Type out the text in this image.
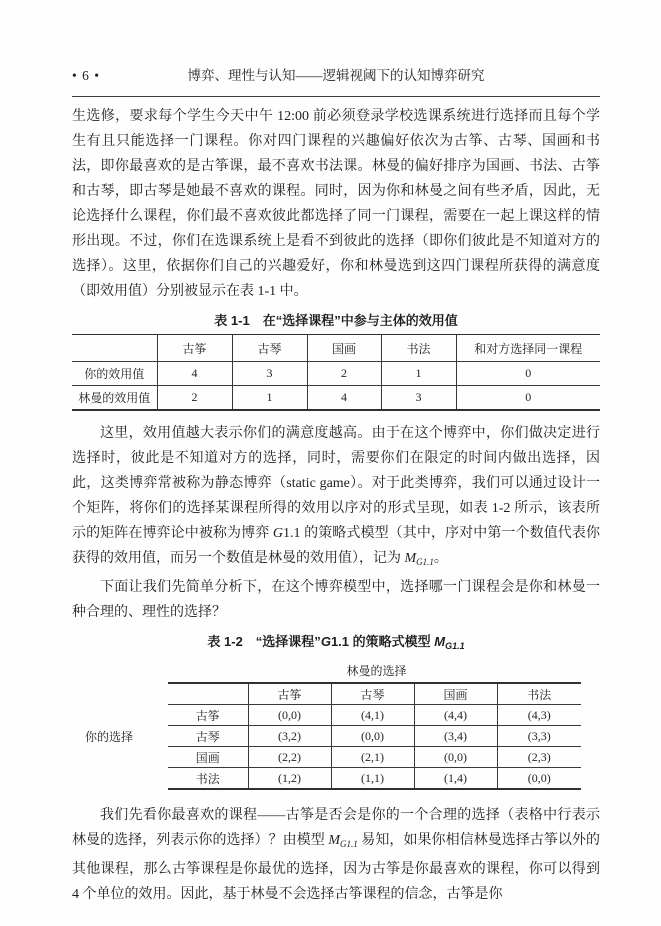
• 6 •	博弈、理性与认知——逻辑视阈下的认知博弈研究

生选修，要求每个学生今天中午 12:00 前必须登录学校选课系统进行选择而且每个学生有且只能选择一门课程。你对四门课程的兴趣偏好依次为古筝、古琴、国画和书法，即你最喜欢的是古筝课，最不喜欢书法课。林曼的偏好排序为国画、书法、古筝和古琴，即古琴是她最不喜欢的课程。同时，因为你和林曼之间有些矛盾，因此，无论选择什么课程，你们最不喜欢彼此都选择了同一门课程，需要在一起上课这样的情形出现。不过，你们在选课系统上是看不到彼此的选择（即你们彼此是不知道对方的选择）。这里，依据你们自己的兴趣爱好，你和林曼选到这四门课程所获得的满意度（即效用值）分别被显示在表 1-1 中。

表 1-1　在“选择课程”中参与主体的效用值
	古筝	古琴	国画	书法	和对方选择同一课程
你的效用值	4	3	2	1	0
林曼的效用值	2	1	4	3	0

这里，效用值越大表示你们的满意度越高。由于在这个博弈中，你们做决定进行选择时，彼此是不知道对方的选择，同时，需要你们在限定的时间内做出选择，因此，这类博弈常被称为静态博弈（static game）。对于此类博弈，我们可以通过设计一个矩阵，将你们的选择某课程所得的效用以序对的形式呈现，如表 1-2 所示，该表所示的矩阵在博弈论中被称为博弈 G1.1 的策略式模型（其中，序对中第一个数值代表你获得的效用值，而另一个数值是林曼的效用值），记为 $M_{G1.1}$。

下面让我们先简单分析下，在这个博弈模型中，选择哪一门课程会是你和林曼一种合理的、理性的选择？

表 1-2　“选择课程”G1.1 的策略式模型 $M_{G1.1}$
林曼的选择
你的选择
	古筝	古琴	国画	书法
古筝	(0,0)	(4,1)	(4,4)	(4,3)
古琴	(3,2)	(0,0)	(3,4)	(3,3)
国画	(2,2)	(2,1)	(0,0)	(2,3)
书法	(1,2)	(1,1)	(1,4)	(0,0)

我们先看你最喜欢的课程——古筝是否会是你的一个合理的选择（表格中行表示林曼的选择，列表示你的选择）？由模型 $M_{G1.1}$ 易知，如果你相信林曼选择古筝以外的其他课程，那么古筝课程是你最优的选择，因为古筝是你最喜欢的课程，你可以得到 4 个单位的效用。因此，基于林曼不会选择古筝课程的信念，古筝是你
